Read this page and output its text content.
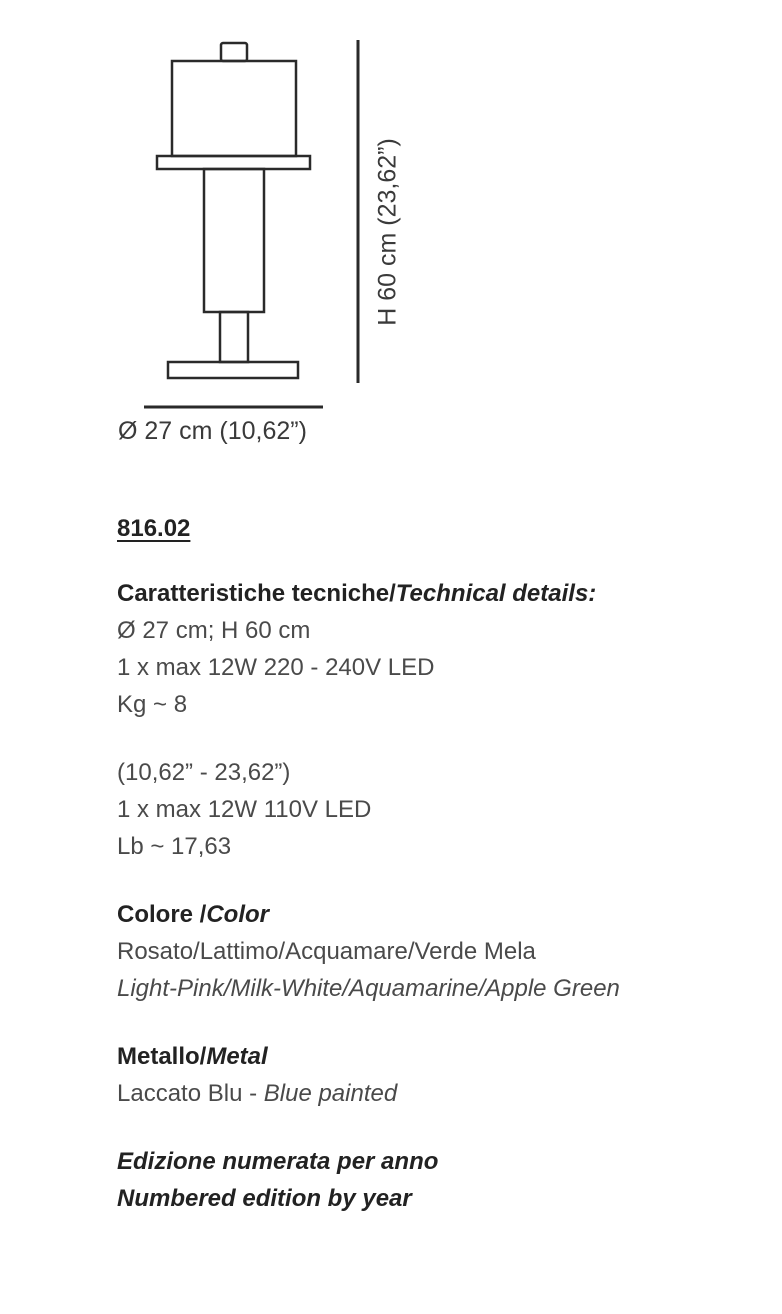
Ø 27 cm (10,62”)
H 60 cm (23,62”)
816.02
Caratteristiche tecniche/Technical details:
Ø 27 cm; H 60 cm
1 x max 12W 220 - 240V LED
Kg ~ 8
(10,62” - 23,62”)
1 x max 12W 110V LED
Lb ~ 17,63
Colore /Color
Rosato/Lattimo/Acquamare/Verde Mela
Light-Pink/Milk-White/Aquamarine/Apple Green
Metallo/Metal
Laccato Blu - Blue painted
Edizione numerata per anno
Numbered edition by year
